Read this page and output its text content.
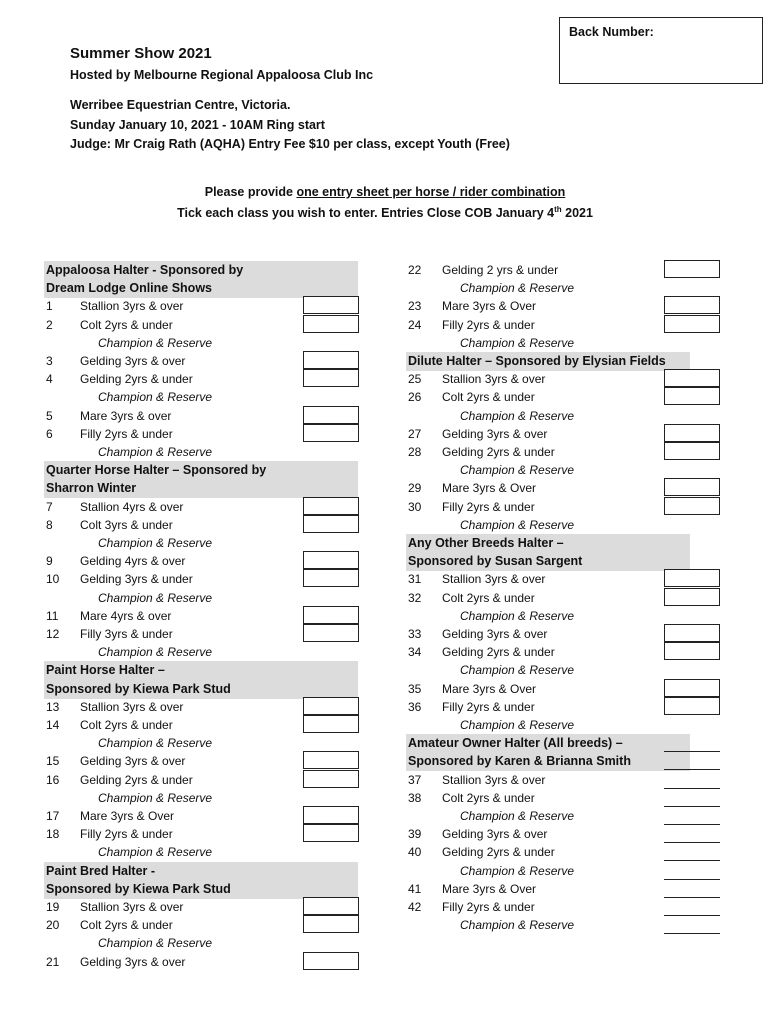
Back Number:
Summer Show 2021
Hosted by Melbourne Regional Appaloosa Club Inc
Werribee Equestrian Centre, Victoria.
Sunday January 10, 2021 - 10AM Ring start
Judge: Mr Craig Rath (AQHA) Entry Fee $10 per class, except Youth (Free)
Please provide one entry sheet per horse / rider combination
Tick each class you wish to enter. Entries Close COB January 4th 2021
Appaloosa Halter - Sponsored by
Dream Lodge Online Shows
1	Stallion 3yrs & over
2	Colt 2yrs & under
Champion & Reserve
3	Gelding 3yrs & over
4	Gelding 2yrs & under
Champion & Reserve
5	Mare 3yrs & over
6	Filly 2yrs & under
Champion & Reserve
Quarter Horse Halter – Sponsored by
Sharron Winter
7	Stallion 4yrs & over
8	Colt 3yrs & under
Champion & Reserve
9	Gelding 4yrs & over
10	Gelding 3yrs & under
Champion & Reserve
11	Mare 4yrs & over
12	Filly 3yrs & under
Champion & Reserve
Paint Horse Halter –
Sponsored by Kiewa Park Stud
13	Stallion 3yrs & over
14	Colt 2yrs & under
Champion & Reserve
15	Gelding 3yrs & over
16	Gelding 2yrs & under
Champion & Reserve
17	Mare 3yrs & Over
18	Filly 2yrs & under
Champion & Reserve
Paint Bred Halter -
Sponsored by Kiewa Park Stud
19	Stallion 3yrs & over
20	Colt 2yrs & under
Champion & Reserve
21	Gelding 3yrs & over
22	Gelding 2 yrs & under
Champion & Reserve
23	Mare 3yrs & Over
24	Filly 2yrs & under
Champion & Reserve
Dilute Halter – Sponsored by Elysian Fields
25	Stallion 3yrs & over
26	Colt 2yrs & under
Champion & Reserve
27	Gelding 3yrs & over
28	Gelding 2yrs & under
Champion & Reserve
29	Mare 3yrs & Over
30	Filly 2yrs & under
Champion & Reserve
Any Other Breeds Halter –
Sponsored by Susan Sargent
31	Stallion 3yrs & over
32	Colt 2yrs & under
Champion & Reserve
33	Gelding 3yrs & over
34	Gelding 2yrs & under
Champion & Reserve
35	Mare 3yrs & Over
36	Filly 2yrs & under
Champion & Reserve
Amateur Owner Halter (All breeds) –
Sponsored by Karen & Brianna Smith
37	Stallion 3yrs & over
38	Colt 2yrs & under
Champion & Reserve
39	Gelding 3yrs & over
40	Gelding 2yrs & under
Champion & Reserve
41	Mare 3yrs & Over
42	Filly 2yrs & under
Champion & Reserve
